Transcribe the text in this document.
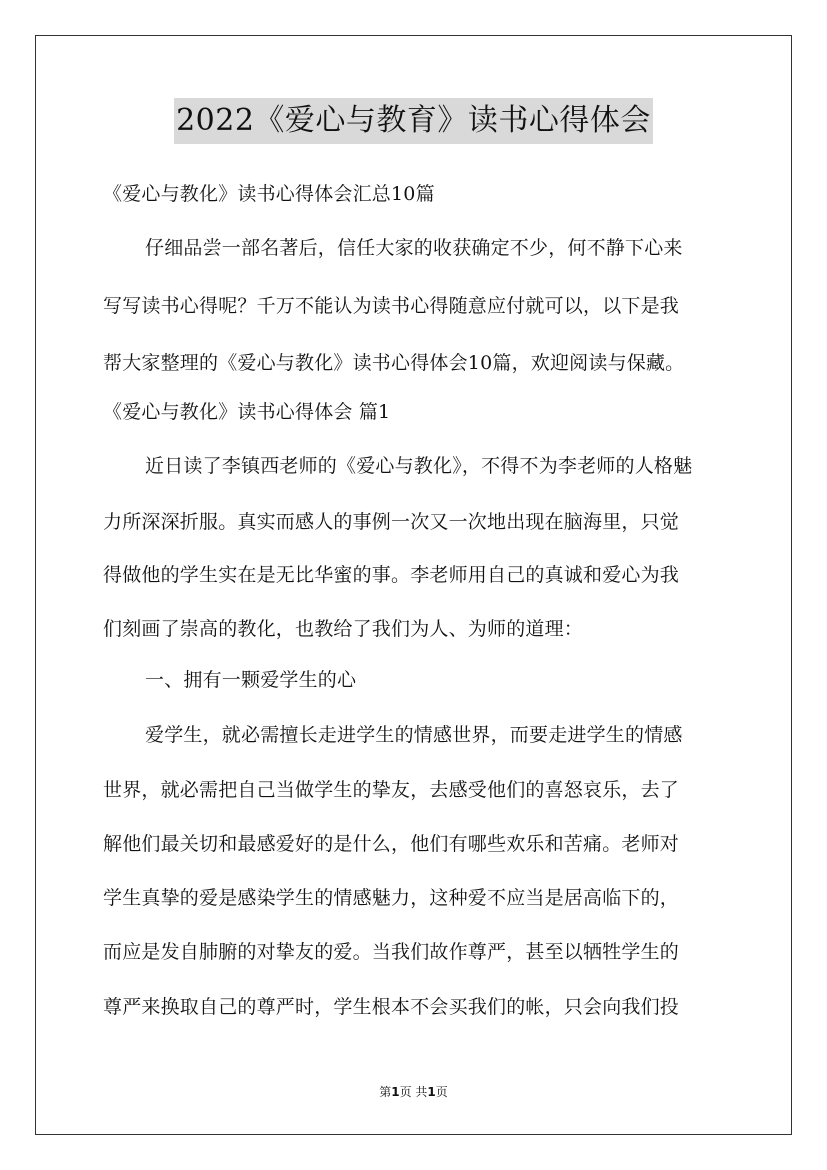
2022《爱心与教育》读书心得体会
《爱心与教化》读书心得体会汇总10篇
仔细品尝一部名著后，信任大家的收获确定不少，何不静下心来
写写读书心得呢？千万不能认为读书心得随意应付就可以，以下是我
帮大家整理的《爱心与教化》读书心得体会10篇，欢迎阅读与保藏。
《爱心与教化》读书心得体会 篇1
近日读了李镇西老师的《爱心与教化》，不得不为李老师的人格魅
力所深深折服。真实而感人的事例一次又一次地出现在脑海里，只觉
得做他的学生实在是无比华蜜的事。李老师用自己的真诚和爱心为我
们刻画了崇高的教化，也教给了我们为人、为师的道理：
一、拥有一颗爱学生的心
爱学生，就必需擅长走进学生的情感世界，而要走进学生的情感
世界，就必需把自己当做学生的挚友，去感受他们的喜怒哀乐，去了
解他们最关切和最感爱好的是什么，他们有哪些欢乐和苦痛。老师对
学生真挚的爱是感染学生的情感魅力，这种爱不应当是居高临下的，
而应是发自肺腑的对挚友的爱。当我们故作尊严，甚至以牺牲学生的
尊严来换取自己的尊严时，学生根本不会买我们的帐，只会向我们投
第1页 共1页
